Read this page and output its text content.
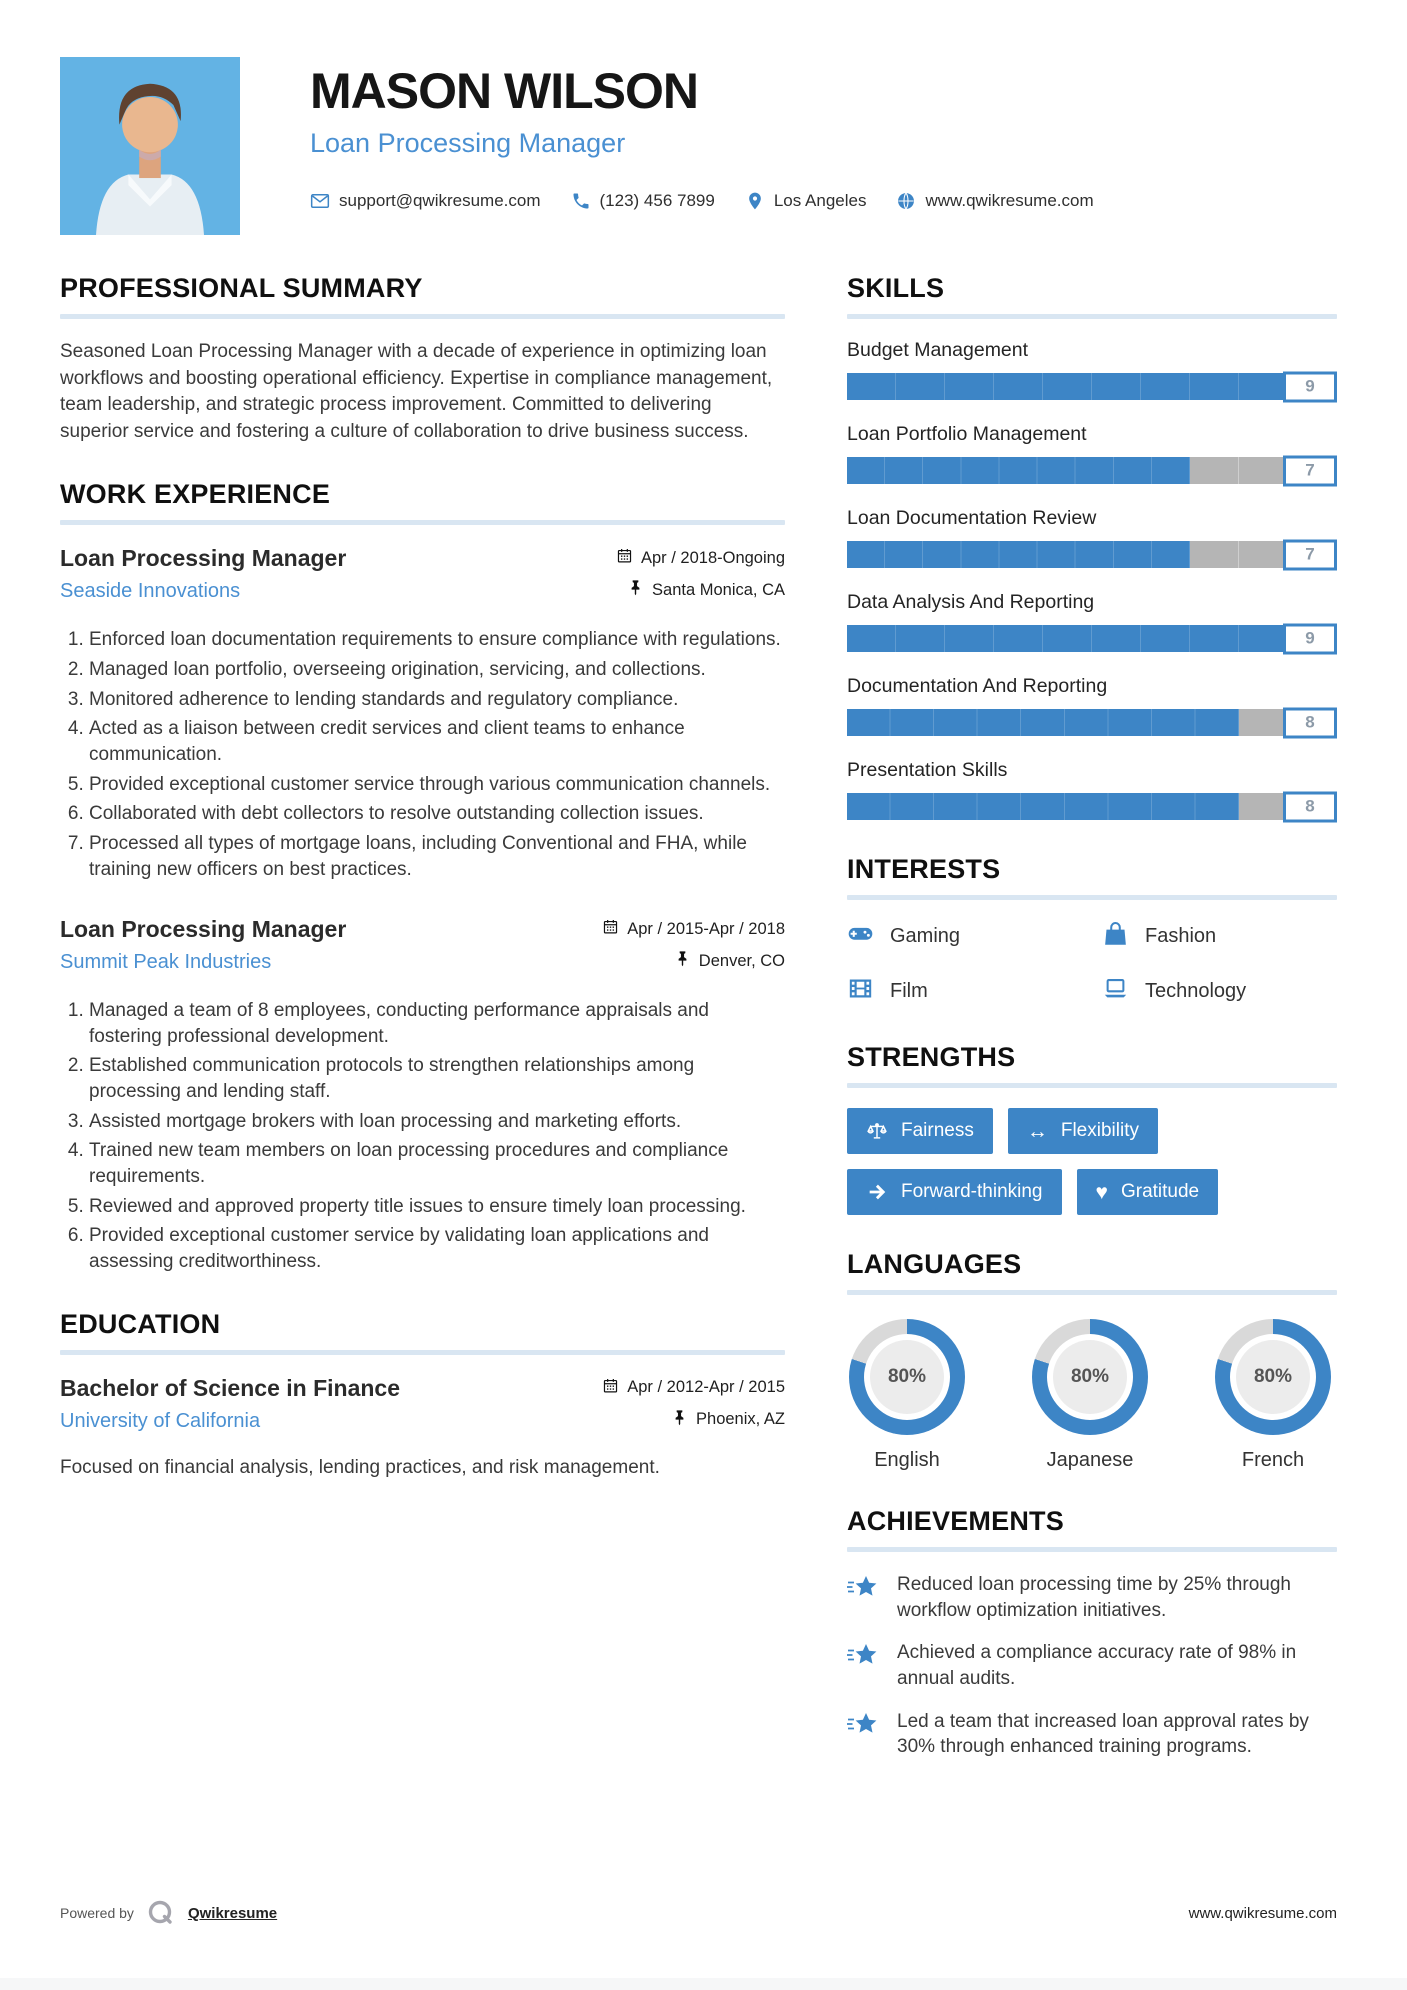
MASON WILSON
Loan Processing Manager
support@qwikresume.com	(123) 456 7899	Los Angeles	www.qwikresume.com
PROFESSIONAL SUMMARY

Seasoned Loan Processing Manager with a decade of experience in optimizing loan workflows and boosting operational efficiency. Expertise in compliance management, team leadership, and strategic process improvement. Committed to delivering superior service and fostering a culture of collaboration to drive business success.

WORK EXPERIENCE
Loan Processing Manager
Seaside Innovations
Apr / 2018-Ongoing
Santa Monica, CA
1. Enforced loan documentation requirements to ensure compliance with regulations.
2. Managed loan portfolio, overseeing origination, servicing, and collections.
3. Monitored adherence to lending standards and regulatory compliance.
4. Acted as a liaison between credit services and client teams to enhance communication.
5. Provided exceptional customer service through various communication channels.
6. Collaborated with debt collectors to resolve outstanding collection issues.
7. Processed all types of mortgage loans, including Conventional and FHA, while training new officers on best practices.
Loan Processing Manager
Summit Peak Industries
Apr / 2015-Apr / 2018
Denver, CO
1. Managed a team of 8 employees, conducting performance appraisals and fostering professional development.
2. Established communication protocols to strengthen relationships among processing and lending staff.
3. Assisted mortgage brokers with loan processing and marketing efforts.
4. Trained new team members on loan processing procedures and compliance requirements.
5. Reviewed and approved property title issues to ensure timely loan processing.
6. Provided exceptional customer service by validating loan applications and assessing creditworthiness.
EDUCATION
Bachelor of Science in Finance
University of California
Apr / 2012-Apr / 2015
Phoenix, AZ

Focused on financial analysis, lending practices, and risk management.

SKILLS
Budget Management
9
Loan Portfolio Management
7
Loan Documentation Review
7
Data Analysis And Reporting
9
Documentation And Reporting
8
Presentation Skills
8
INTERESTS
Gaming	Fashion
Film	Technology
STRENGTHS
Fairness	↔ Flexibility
Forward-thinking	♥ Gratitude
LANGUAGES
80%
English
80%
Japanese
80%
French
ACHIEVEMENTS

Reduced loan processing time by 25% through workflow optimization initiatives.

Achieved a compliance accuracy rate of 98% in annual audits.

Led a team that increased loan approval rates by 30% through enhanced training programs.

Powered by	Qwikresume	www.qwikresume.com
